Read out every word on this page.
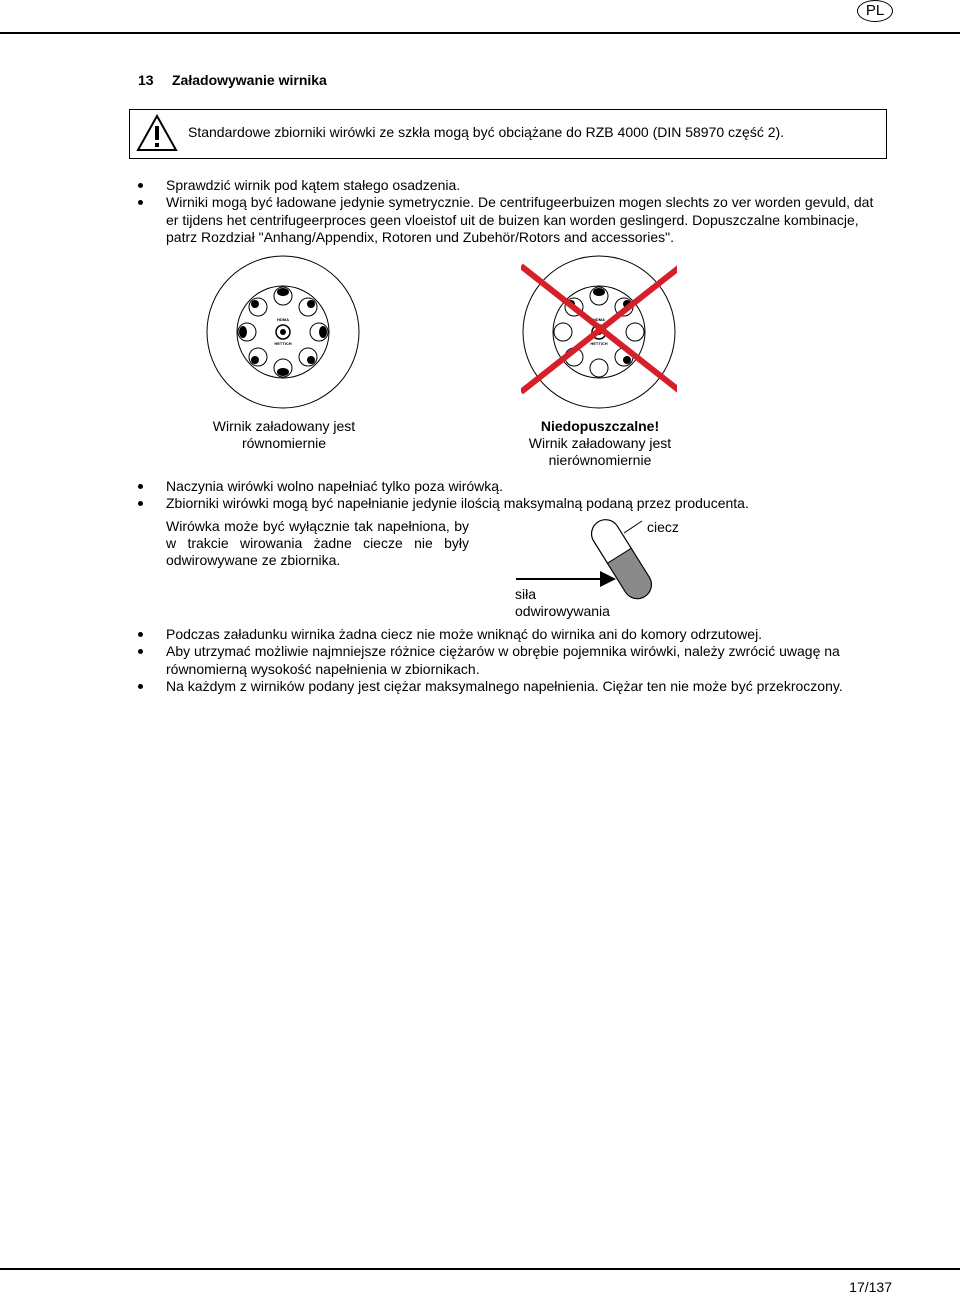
PL
13 Załadowywanie wirnika
Standardowe zbiorniki wirówki ze szkła mogą być obciążane do RZB 4000 (DIN 58970 część 2).
Sprawdzić wirnik pod kątem stałego osadzenia.
Wirniki mogą być ładowane jedynie symetrycznie. De centrifugeerbuizen mogen slechts zo ver worden gevuld, dat er tijdens het centrifugeerproces geen vloeistof uit de buizen kan worden geslingerd. Dopuszczalne kombinacje, patrz Rozdział "Anhang/Appendix, Rotoren und Zubehör/Rotors and accessories".
HDMA
HETTICH
HDMA
HETTICH
Wirnik załadowany jest
równomiernie
Niedopuszczalne!
Wirnik załadowany jest
nierównomiernie
Naczynia wirówki wolno napełniać tylko poza wirówką.
Zbiorniki wirówki mogą być napełnianie jedynie ilością maksymalną podaną przez producenta.
Wirówka może być wyłącznie tak napełniona, by w trakcie wirowania żadne ciecze nie były odwirowywane ze zbiornika.
ciecz
siła
odwirowywania
Podczas załadunku wirnika żadna ciecz nie może wniknąć do wirnika ani do komory odrzutowej.
Aby utrzymać możliwie najmniejsze różnice ciężarów w obrębie pojemnika wirówki, należy zwrócić uwagę na równomierną wysokość napełnienia w zbiornikach.
Na każdym z wirników podany jest ciężar maksymalnego napełnienia. Ciężar ten nie może być przekroczony.
17/137
